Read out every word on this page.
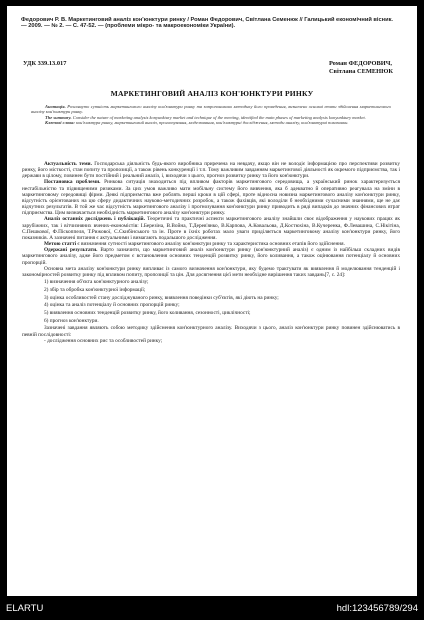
Федорович Р. В. Маркетинговий аналіз кон'юнктури ринку / Роман Федорович, Світлана Семенюк // Галицький економічний вісник. — 2009. — № 2. — С. 47-52. — (проблеми мікро- та макроекономіки України).
УДК 339.13.017	Роман ФЕДОРОВИЧ,
Світлана СЕМЕНЮК
МАРКЕТИНГОВИЙ АНАЛІЗ КОН'ЮНКТУРИ РИНКУ

Анотація. Розглянуто сутність маркетингового аналізу кон'юнктури ринку та запропоновано методику його проведення, визначено основні етапи здійснення маркетингового аналізу кон'юнктури ринку.

The summary. Consider the nature of marketing analysis konyunktury market and technique of the meeting, identified the main phases of marketing analysis konyunktury market.

Ключові слова: кон'юнктура ринку, маркетинговий аналіз, прогнозування, моделювання, кон'юнктурні дослідження, методи аналізу, кон'юнктурні показники.

Актуальність теми. Господарська діяльність будь-якого виробника приречена на невдачу, якщо він не володіє інформацією про перспективи розвитку ринку, його місткості, стан попиту та пропозиції, а також рівень конкуренції і т.п. Тому важливим завданням маркетингової діяльності як окремого підприємства, так і держави в цілому, повинен бути постійний і реальний аналіз, і, виходячи з цього, прогноз розвитку ринку та його кон'юнктури.

Постановка проблеми. Ринкова ситуація знаходиться під впливом факторів маркетингового середовища, а український ринок характеризується нестабільністю та підвищеними ризиками. За цих умов важливо мати мобільну систему його вивчення, яка б адекватно й оперативно реагувала на зміни в маркетинговому середовищі фірми. Деякі підприємства вже роблять перші кроки в цій сфері, проте відносна новизна маркетингового аналізу кон'юнктури ринку, відсутність орієнтованих на цю сферу дидактичних науково-методичних розробок, а також фахівців, які володіли б необхідними сучасними знаннями, ще не дає відчутних результатів. В той же час відсутність маркетингового аналізу і прогнозування кон'юнктури ринку приводить в ряді випадків до значних фінансових втрат підприємства. Цим визначається необхідність маркетингового аналізу кон'юнктури ринку.

Аналіз останніх досліджень і публікацій. Теоретичні та практичні аспекти маркетингового аналізу знайшли своє відображення у наукових працях як зарубіжних, так і вітчизняних вчених-економістів: І.Березіна, В.Война, Т.Дерев'янко, В.Карпова, А.Ковальова, Д.Костюхіна, В.Кучеренка, Ф.Левашина, С.Нікітіна, С.Пешкової, Ф.Піскоппеля, Т.Рижової, С.Скибінського та ін. Проте в їхніх роботах мало уваги приділяється маркетинговому аналізу кон'юнктури ринку, його показників. А зазначені питання є актуальними і вимагають подальшого дослідження.

Метою статті є визначення сутності маркетингового аналізу кон'юнктури ринку та характеристика основних етапів його здійснення.

Одержані результати. Варто зазначити, що маркетинговий аналіз кон'юнктури ринку (кон'юнктурний аналіз) є одним із найбільш складних видів маркетингового аналізу, адже його предметом є встановлення основних тенденцій розвитку ринку, його коливання, а також оцінювання потенціалу й основних пропорцій.

Основна мета аналізу кон'юнктури ринку випливає із самого визначення кон'юнктури, яку будемо трактувати як виявлення й моделювання тенденцій і закономірностей розвитку ринку під впливом попиту, пропозиції та цін. Для досягнення цієї мети необхідне вирішення таких завдань[7, с. 24]:

1) визначення об'єкта кон'юнктурного аналізу;
2) збір та обробка кон'юнктурної інформації;
3) оцінка особливостей стану досліджуваного ринку, виявлення поведінки суб'єктів, які діють на ринку;
4) оцінка та аналіз потенціалу й основних пропорцій ринку;
5) виявлення основних тенденцій розвитку ринку, його коливання, сезонності, циклічності;
6) прогноз кон'юнктури.

Зазначені завдання являють собою методику здійснення кон'юнктурного аналізу. Виходячи з цього, аналіз кон'юнктури ринку повинен здійснюватись в певній послідовності:

- дослідження основних рис та особливостей ринку;

ELARTU	hdl:123456789/294
